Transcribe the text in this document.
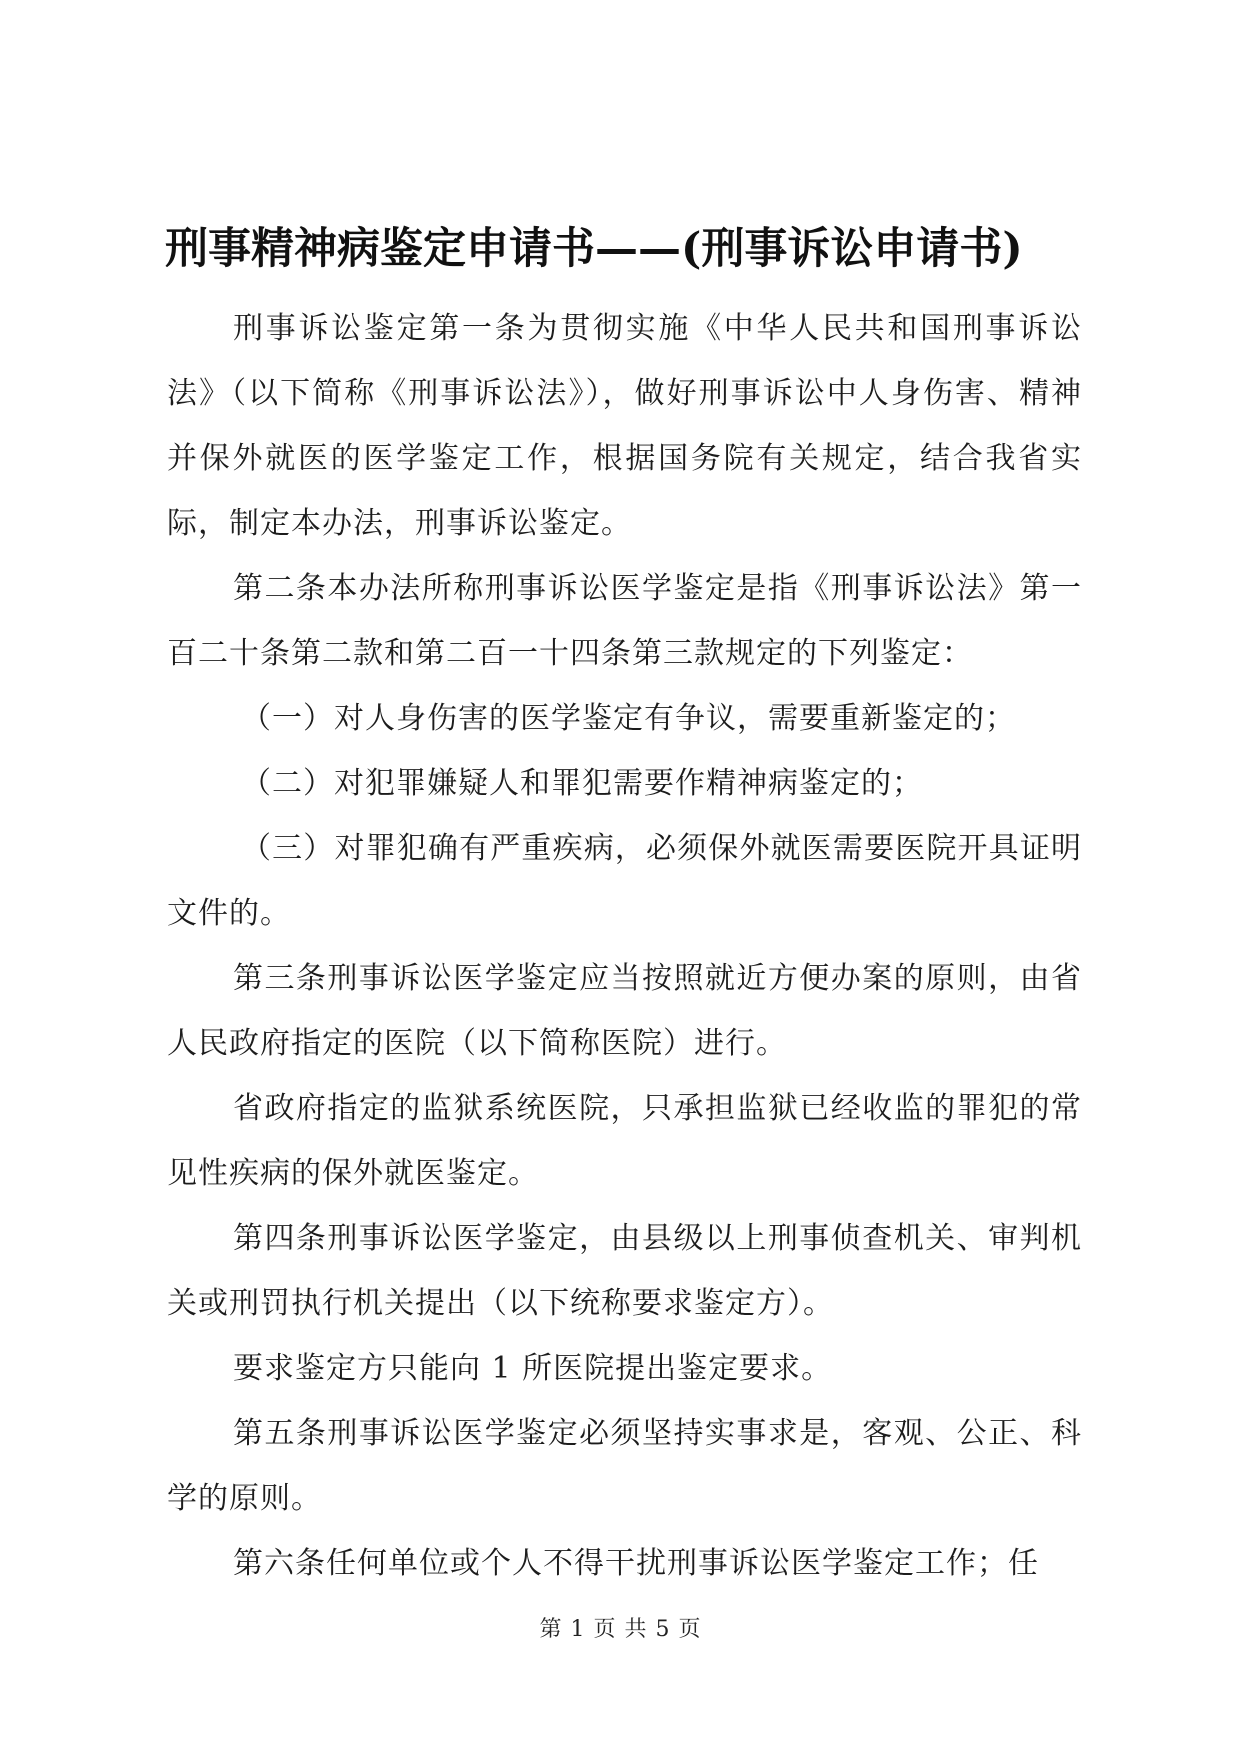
刑事精神病鉴定申请书——(刑事诉讼申请书)

刑事诉讼鉴定第一条为贯彻实施《中华人民共和国刑事诉讼法》（以下简称《刑事诉讼法》），做好刑事诉讼中人身伤害、精神并保外就医的医学鉴定工作，根据国务院有关规定，结合我省实际，制定本办法，刑事诉讼鉴定。

第二条本办法所称刑事诉讼医学鉴定是指《刑事诉讼法》第一百二十条第二款和第二百一十四条第三款规定的下列鉴定：

（一）对人身伤害的医学鉴定有争议，需要重新鉴定的；

（二）对犯罪嫌疑人和罪犯需要作精神病鉴定的；

（三）对罪犯确有严重疾病，必须保外就医需要医院开具证明文件的。

第三条刑事诉讼医学鉴定应当按照就近方便办案的原则，由省人民政府指定的医院（以下简称医院）进行。

省政府指定的监狱系统医院，只承担监狱已经收监的罪犯的常见性疾病的保外就医鉴定。

第四条刑事诉讼医学鉴定，由县级以上刑事侦查机关、审判机关或刑罚执行机关提出（以下统称要求鉴定方）。

要求鉴定方只能向 1 所医院提出鉴定要求。

第五条刑事诉讼医学鉴定必须坚持实事求是，客观、公正、科学的原则。

第六条任何单位或个人不得干扰刑事诉讼医学鉴定工作；任

第 1 页 共 5 页
